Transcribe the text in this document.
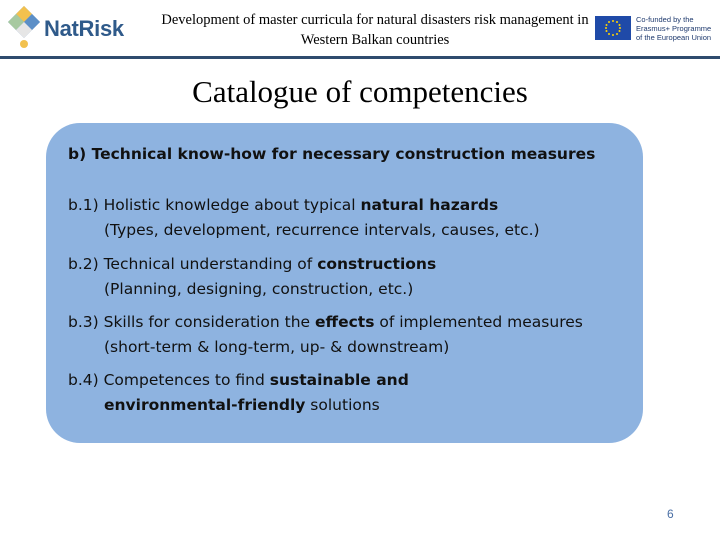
NatRisk	Development of master curricula for natural disasters risk management in Western Balkan countries
Co-funded by the Erasmus+ Programme of the European Union
Catalogue of competencies
b) Technical know-how for necessary construction measures
b.1) Holistic knowledge about typical natural hazards
(Types, development, recurrence intervals, causes, etc.)
b.2) Technical understanding of constructions
(Planning, designing, construction, etc.)
b.3) Skills for consideration the effects of implemented measures
(short-term & long-term, up- & downstream)
b.4) Competences to find sustainable and
environmental-friendly solutions
6
